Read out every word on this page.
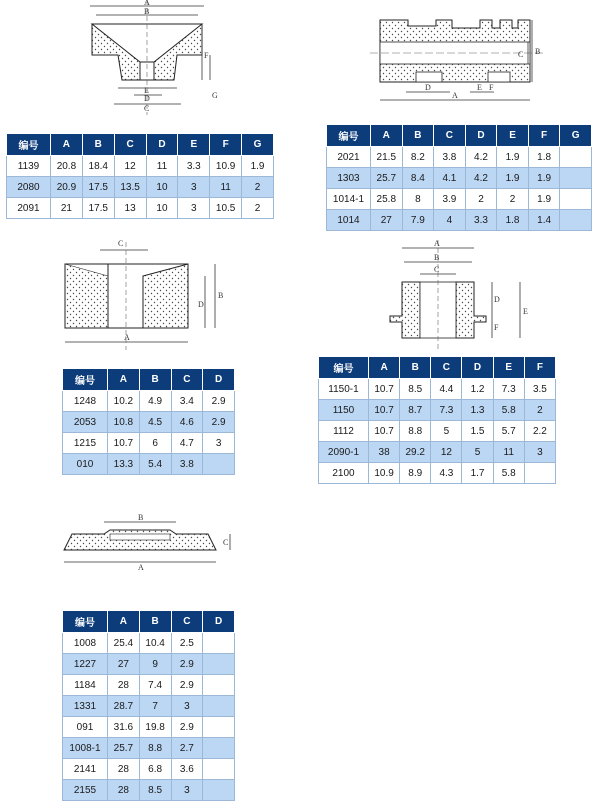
A
B
E
D
C
F
G
C B
A
D	E F
C
D
B
A
A
B
C
D
F
E
B
A
C
编号	A	B	C	D	E	F	G
1139	20.8	18.4	12	11	3.3	10.9	1.9
2080	20.9	17.5	13.5	10	3	11	2
2091	21	17.5	13	10	3	10.5	2
编号	A	B	C	D	E	F	G
2021	21.5	8.2	3.8	4.2	1.9	1.8	
1303	25.7	8.4	4.1	4.2	1.9	1.9	
1014-1	25.8	8	3.9	2	2	1.9	
1014	27	7.9	4	3.3	1.8	1.4	
编号	A	B	C	D
1248	10.2	4.9	3.4	2.9
2053	10.8	4.5	4.6	2.9
1215	10.7	6	4.7	3
010	13.3	5.4	3.8	
编号	A	B	C	D	E	F
1150-1	10.7	8.5	4.4	1.2	7.3	3.5
1150	10.7	8.7	7.3	1.3	5.8	2
1112	10.7	8.8	5	1.5	5.7	2.2
2090-1	38	29.2	12	5	11	3
2100	10.9	8.9	4.3	1.7	5.8	
编号	A	B	C	D
1008	25.4	10.4	2.5	
1227	27	9	2.9	
1184	28	7.4	2.9	
1331	28.7	7	3	
091	31.6	19.8	2.9	
1008-1	25.7	8.8	2.7	
2141	28	6.8	3.6	
2155	28	8.5	3	
